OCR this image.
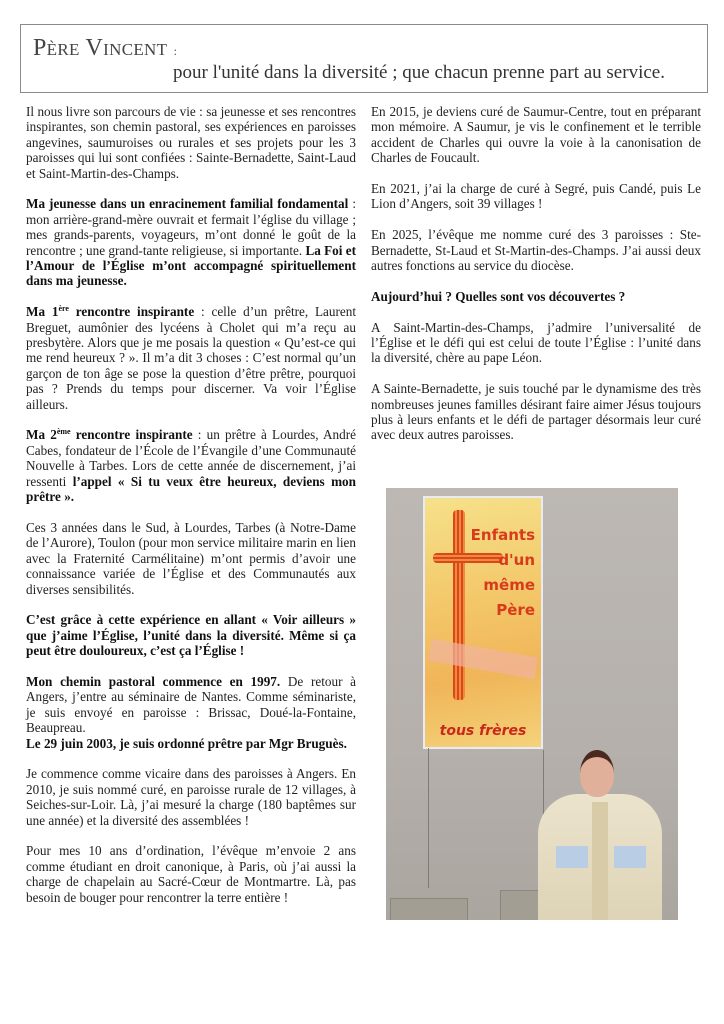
Père Vincent :
pour l'unité dans la diversité ; que chacun prenne part au service.

Il nous livre son parcours de vie : sa jeunesse et ses rencontres inspirantes, son chemin pastoral, ses expériences en paroisses angevines, saumuroises ou rurales et ses projets pour les 3 paroisses qui lui sont confiées : Sainte-Bernadette, Saint-Laud et Saint-Martin-des-Champs.

Ma jeunesse dans un enracinement familial fondamental : mon arrière-grand-mère ouvrait et fermait l’église du village ; mes grands-parents, voyageurs, m’ont donné le goût de la rencontre ; une grand-tante religieuse, si importante. La Foi et l’Amour de l’Église m’ont accompagné spirituellement dans ma jeunesse.

Ma 1ère rencontre inspirante : celle d’un prêtre, Laurent Breguet, aumônier des lycéens à Cholet qui m’a reçu au presbytère. Alors que je me posais la question « Qu’est-ce qui me rend heureux ? ». Il m’a dit 3 choses : C’est normal qu’un garçon de ton âge se pose la question d’être prêtre, pourquoi pas ? Prends du temps pour discerner. Va voir l’Église ailleurs.

Ma 2ème rencontre inspirante : un prêtre à Lourdes, André Cabes, fondateur de l’École de l’Évangile d’une Communauté Nouvelle à Tarbes. Lors de cette année de discernement, j’ai ressenti l’appel « Si tu veux être heureux, deviens mon prêtre ».

Ces 3 années dans le Sud, à Lourdes, Tarbes (à Notre-Dame de l’Aurore), Toulon (pour mon service militaire marin en lien avec la Fraternité Carmélitaine) m’ont permis d’avoir une connaissance variée de l’Église et des Communautés aux diverses sensibilités.

C’est grâce à cette expérience en allant « Voir ailleurs » que j’aime l’Église, l’unité dans la diversité. Même si ça peut être douloureux, c’est ça l’Église !

Mon chemin pastoral commence en 1997. De retour à Angers, j’entre au séminaire de Nantes. Comme séminariste, je suis envoyé en paroisse : Brissac, Doué-la-Fontaine, Beaupreau.

Le 29 juin 2003, je suis ordonné prêtre par Mgr Bruguès.

Je commence comme vicaire dans des paroisses à Angers. En 2010, je suis nommé curé, en paroisse rurale de 12 villages, à Seiches-sur-Loir. Là, j’ai mesuré la charge (180 baptêmes sur une année) et la diversité des assemblées !

Pour mes 10 ans d’ordination, l’évêque m’envoie 2 ans comme étudiant en droit canonique, à Paris, où j’ai aussi la charge de chapelain au Sacré-Cœur de Montmartre. Là, pas besoin de bouger pour rencontrer la terre entière !

En 2015, je deviens curé de Saumur-Centre, tout en préparant mon mémoire. A Saumur, je vis le confinement et le terrible accident de Charles qui ouvre la voie à la canonisation de Charles de Foucault.

En 2021, j’ai la charge de curé à Segré, puis Candé, puis Le Lion d’Angers, soit 39 villages !

En 2025, l’évêque me nomme curé des 3 paroisses : Ste-Bernadette, St-Laud et St-Martin-des-Champs. J’ai aussi deux autres fonctions au service du diocèse.

Aujourd’hui ? Quelles sont vos découvertes ?

A Saint-Martin-des-Champs, j’admire l’universalité de l’Église et le défi qui est celui de toute l’Église : l’unité dans la diversité, chère au pape Léon.

A Sainte-Bernadette, je suis touché par le dynamisme des très nombreuses jeunes familles désirant faire aimer Jésus toujours plus à leurs enfants et le défi de partager désormais leur curé avec deux autres paroisses.

Enfants
d'un
même
Père
tous frères
